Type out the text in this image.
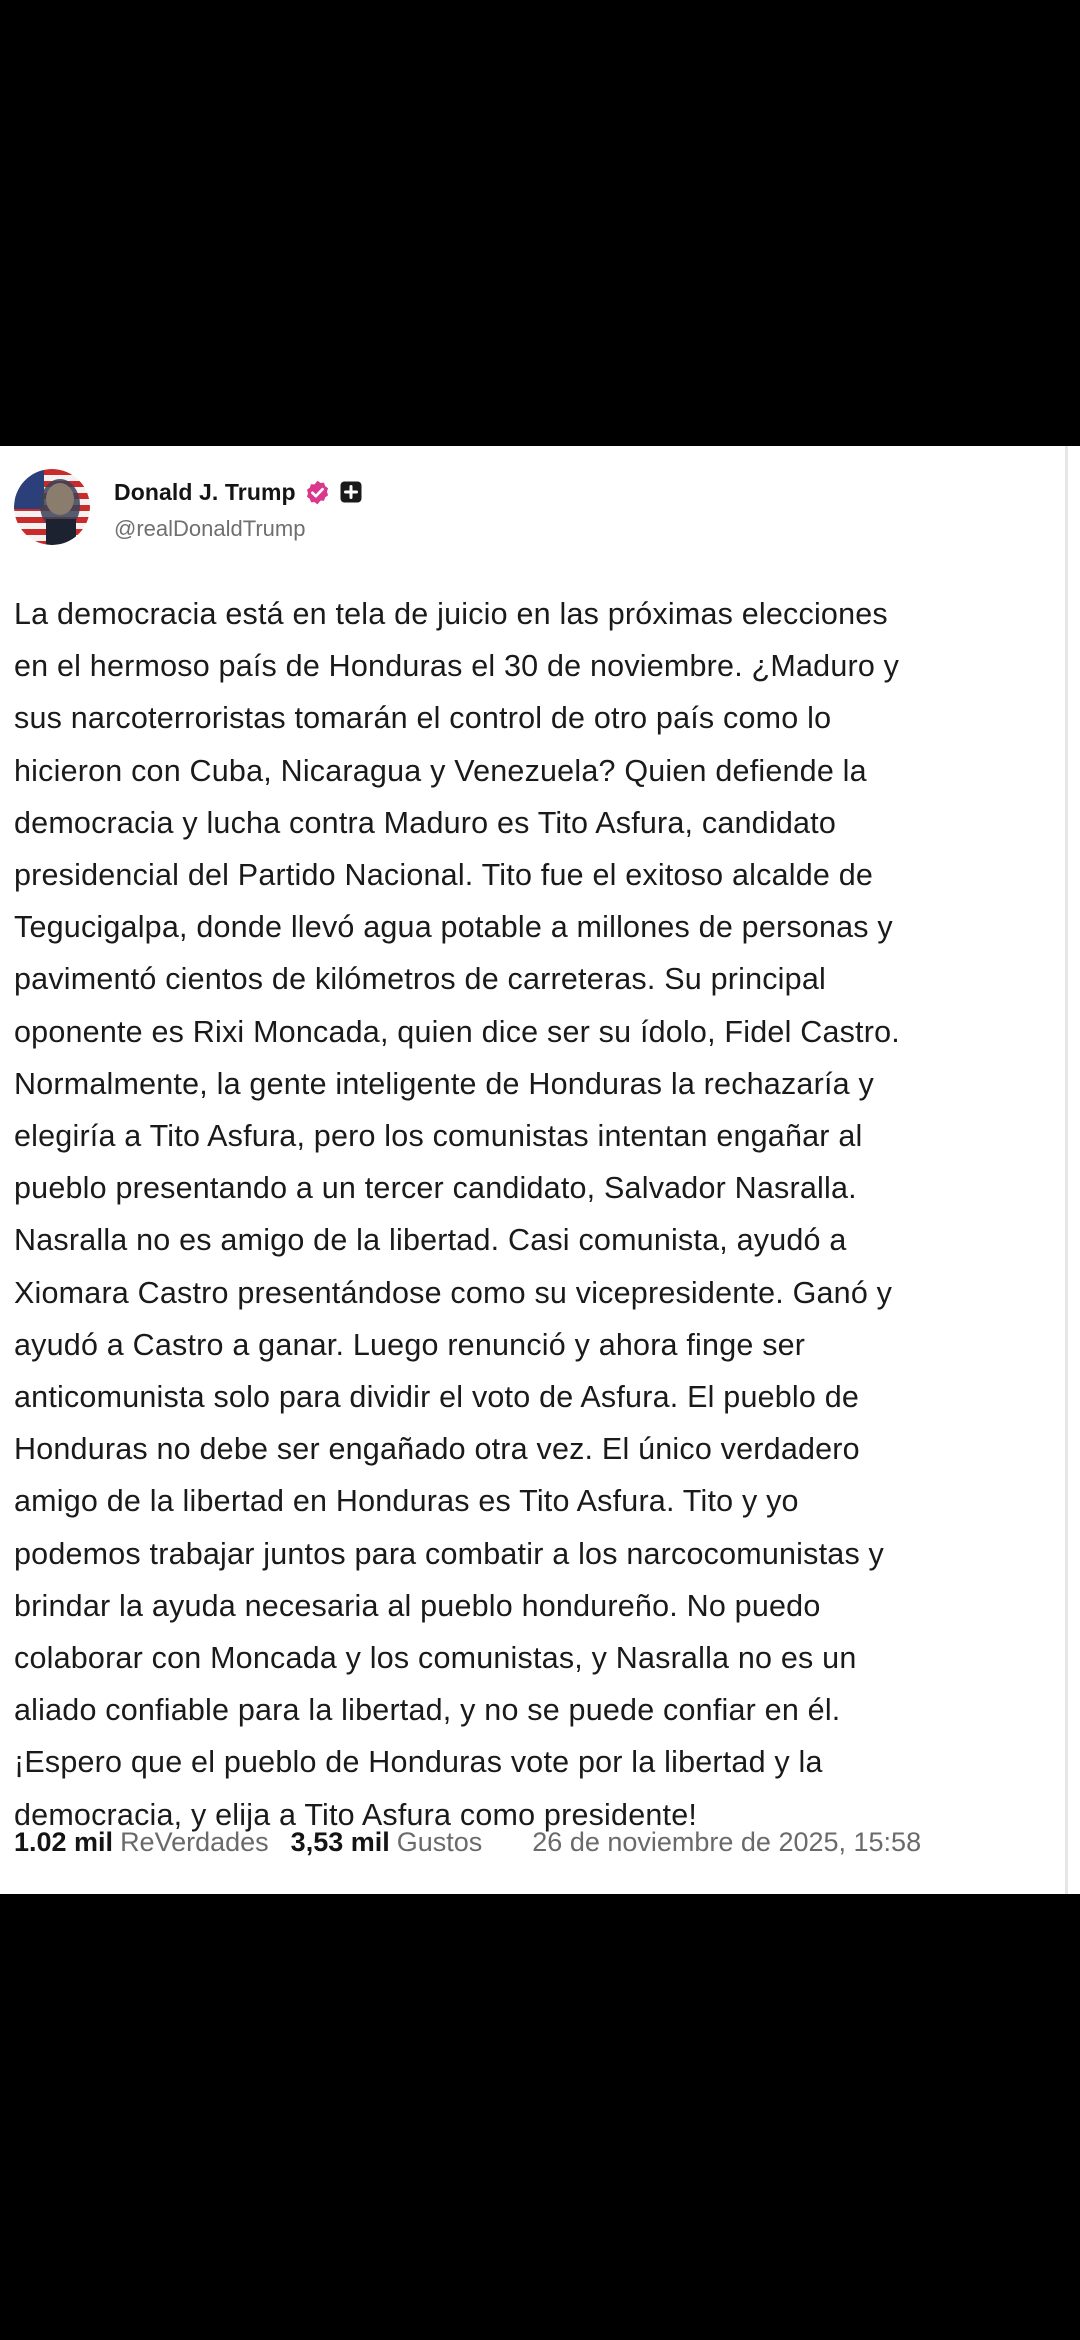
Donald J. Trump
@realDonaldTrump

La democracia está en tela de juicio en las próximas elecciones
en el hermoso país de Honduras el 30 de noviembre. ¿Maduro y
sus narcoterroristas tomarán el control de otro país como lo
hicieron con Cuba, Nicaragua y Venezuela? Quien defiende la
democracia y lucha contra Maduro es Tito Asfura, candidato
presidencial del Partido Nacional. Tito fue el exitoso alcalde de
Tegucigalpa, donde llevó agua potable a millones de personas y
pavimentó cientos de kilómetros de carreteras. Su principal
oponente es Rixi Moncada, quien dice ser su ídolo, Fidel Castro.
Normalmente, la gente inteligente de Honduras la rechazaría y
elegiría a Tito Asfura, pero los comunistas intentan engañar al
pueblo presentando a un tercer candidato, Salvador Nasralla.
Nasralla no es amigo de la libertad. Casi comunista, ayudó a
Xiomara Castro presentándose como su vicepresidente. Ganó y
ayudó a Castro a ganar. Luego renunció y ahora finge ser
anticomunista solo para dividir el voto de Asfura. El pueblo de
Honduras no debe ser engañado otra vez. El único verdadero
amigo de la libertad en Honduras es Tito Asfura. Tito y yo
podemos trabajar juntos para combatir a los narcocomunistas y
brindar la ayuda necesaria al pueblo hondureño. No puedo
colaborar con Moncada y los comunistas, y Nasralla no es un
aliado confiable para la libertad, y no se puede confiar en él.
¡Espero que el pueblo de Honduras vote por la libertad y la
democracia, y elija a Tito Asfura como presidente!

1.02 mil ReVerdades 3,53 mil Gustos 26 de noviembre de 2025, 15:58
